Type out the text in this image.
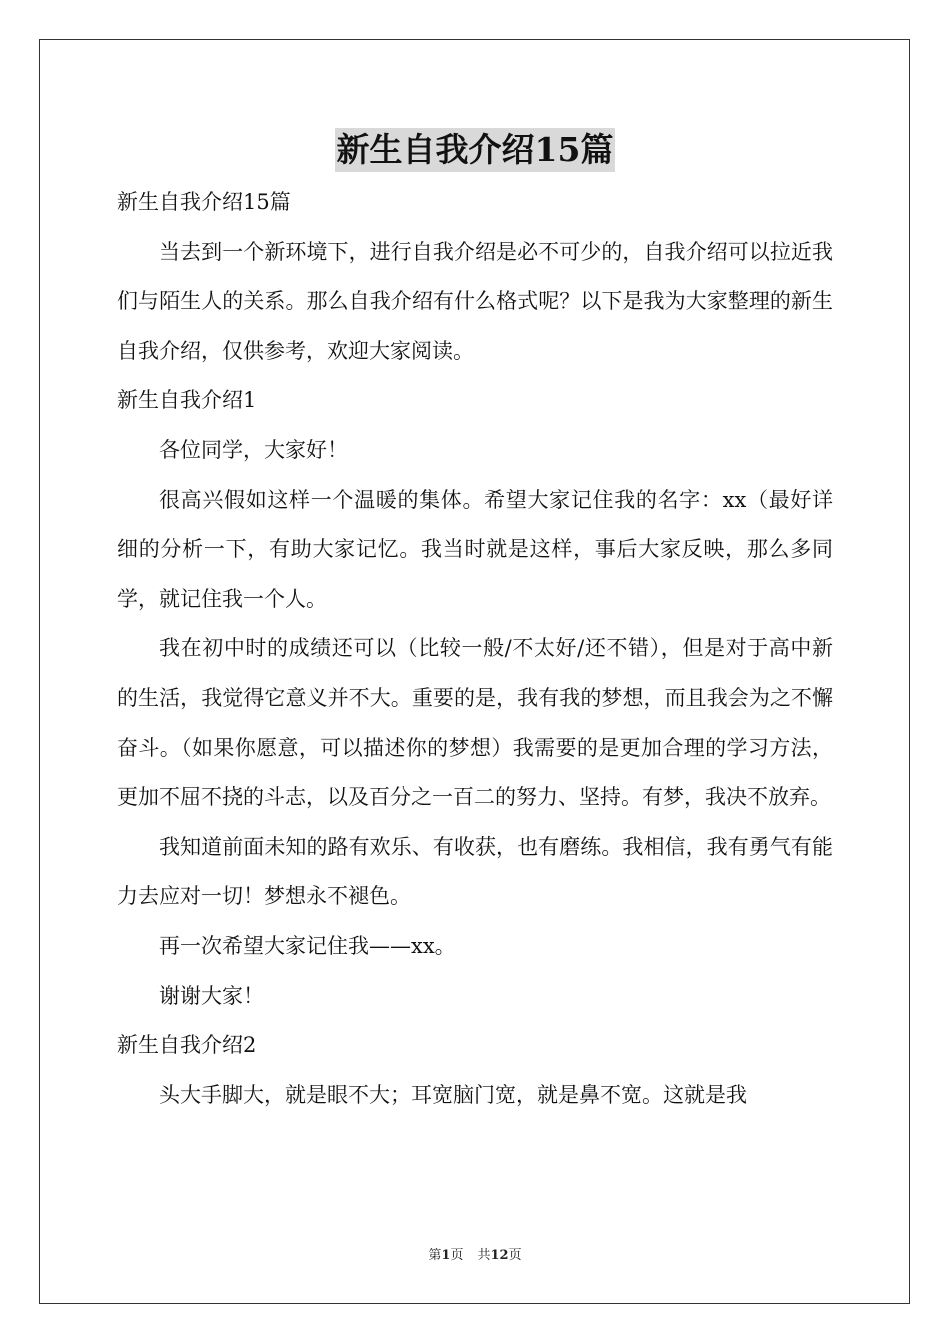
新生自我介绍15篇

新生自我介绍15篇

当去到一个新环境下，进行自我介绍是必不可少的，自我介绍可以拉近我们与陌生人的关系。那么自我介绍有什么格式呢？以下是我为大家整理的新生自我介绍，仅供参考，欢迎大家阅读。

新生自我介绍1

各位同学，大家好！

很高兴假如这样一个温暖的集体。希望大家记住我的名字：xx（最好详细的分析一下，有助大家记忆。我当时就是这样，事后大家反映，那么多同学，就记住我一个人。

我在初中时的成绩还可以（比较一般/不太好/还不错），但是对于高中新的生活，我觉得它意义并不大。重要的是，我有我的梦想，而且我会为之不懈奋斗。（如果你愿意，可以描述你的梦想）我需要的是更加合理的学习方法，更加不屈不挠的斗志，以及百分之一百二的努力、坚持。有梦，我决不放弃。

我知道前面未知的路有欢乐、有收获，也有磨练。我相信，我有勇气有能力去应对一切！梦想永不褪色。

再一次希望大家记住我——xx。

谢谢大家！

新生自我介绍2

头大手脚大，就是眼不大；耳宽脑门宽，就是鼻不宽。这就是我

第1页 共12页
